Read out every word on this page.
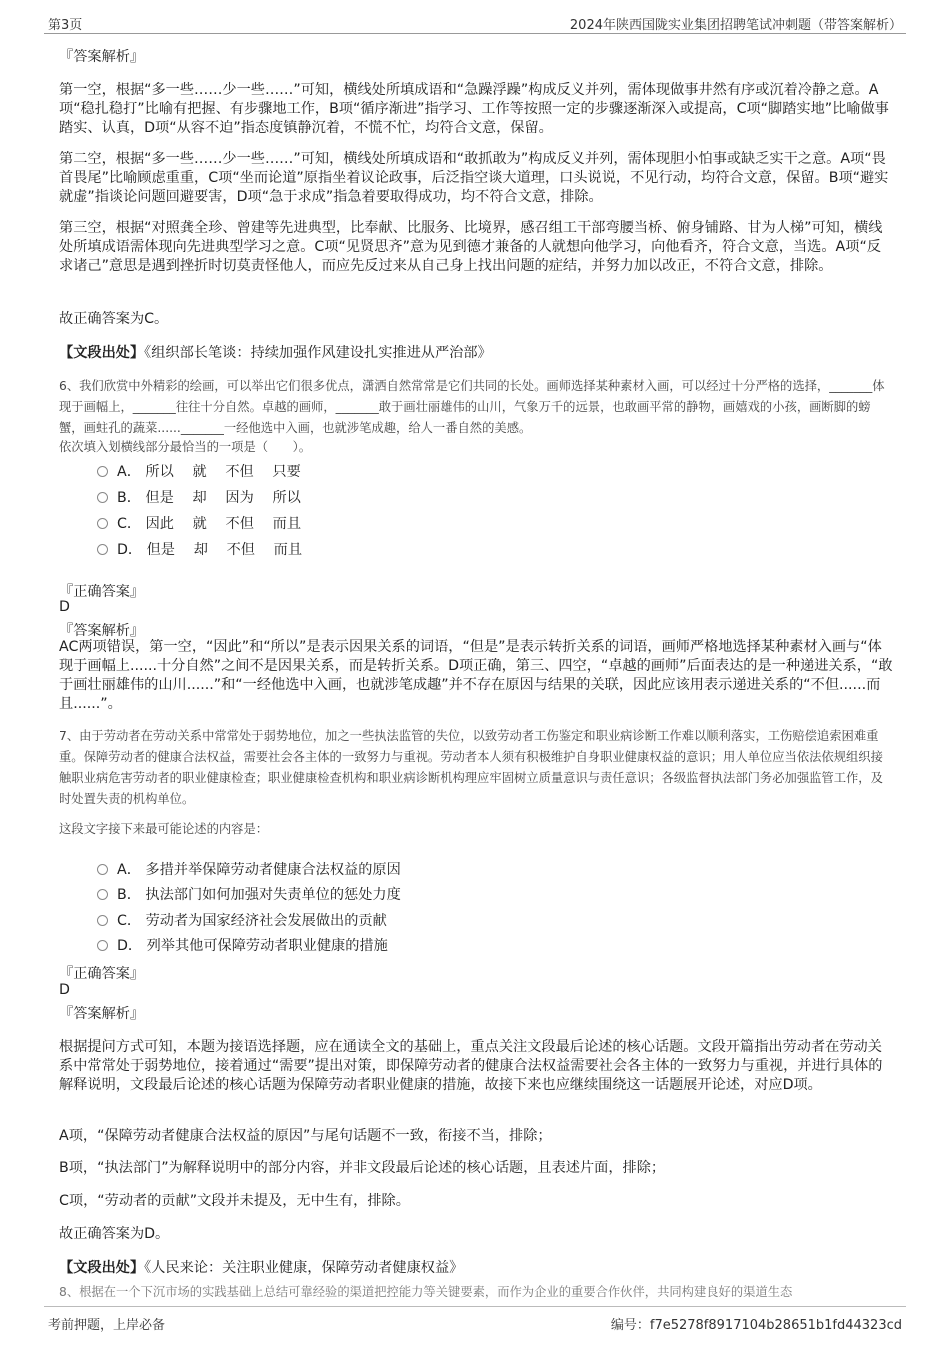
第3页	2024年陕西国陇实业集团招聘笔试冲刺题（带答案解析）
『答案解析』

第一空，根据“多一些……少一些……”可知，横线处所填成语和“急躁浮躁”构成反义并列，需体现做事井然有序或沉着冷静之意。A项“稳扎稳打”比喻有把握、有步骤地工作，B项“循序渐进”指学习、工作等按照一定的步骤逐渐深入或提高，C项“脚踏实地”比喻做事踏实、认真，D项“从容不迫”指态度镇静沉着，不慌不忙，均符合文意，保留。

第二空，根据“多一些……少一些……”可知，横线处所填成语和“敢抓敢为”构成反义并列，需体现胆小怕事或缺乏实干之意。A项“畏首畏尾”比喻顾虑重重，C项“坐而论道”原指坐着议论政事，后泛指空谈大道理，口头说说，不见行动，均符合文意，保留。B项“避实就虚”指谈论问题回避要害，D项“急于求成”指急着要取得成功，均不符合文意，排除。

第三空，根据“对照龚全珍、曾建等先进典型，比奉献、比服务、比境界，感召组工干部弯腰当桥、俯身铺路、甘为人梯”可知，横线处所填成语需体现向先进典型学习之意。C项“见贤思齐”意为见到德才兼备的人就想向他学习，向他看齐，符合文意，当选。A项“反求诸己”意思是遇到挫折时切莫责怪他人，而应先反过来从自己身上找出问题的症结，并努力加以改正，不符合文意，排除。

故正确答案为C。

【文段出处】《组织部长笔谈：持续加强作风建设扎实推进从严治部》

6、我们欣赏中外精彩的绘画，可以举出它们很多优点，潇洒自然常常是它们共同的长处。画师选择某种素材入画，可以经过十分严格的选择，_______体现于画幅上，_______往往十分自然。卓越的画师，_______敢于画壮丽雄伟的山川，气象万千的远景，也敢画平常的静物，画嬉戏的小孩，画断脚的螃蟹，画蛀孔的蔬菜......_______一经他选中入画，也就涉笔成趣，给人一番自然的美感。

依次填入划横线部分最恰当的一项是（　　）。

A． 所以　 就　 不但　 只要
B． 但是　 却　 因为　 所以
C． 因此　 就　 不但　 而且
D． 但是　 却　 不但　 而且
『正确答案』
D
『答案解析』

AC两项错误，第一空，“因此”和“所以”是表示因果关系的词语，“但是”是表示转折关系的词语，画师严格地选择某种素材入画与“体现于画幅上......十分自然”之间不是因果关系，而是转折关系。D项正确，第三、四空，“卓越的画师”后面表达的是一种递进关系，“敢于画壮丽雄伟的山川......”和“一经他选中入画，也就涉笔成趣”并不存在原因与结果的关联，因此应该用表示递进关系的“不但......而且......”。

7、由于劳动者在劳动关系中常常处于弱势地位，加之一些执法监管的失位，以致劳动者工伤鉴定和职业病诊断工作难以顺利落实，工伤赔偿追索困难重重。保障劳动者的健康合法权益，需要社会各主体的一致努力与重视。劳动者本人须有积极维护自身职业健康权益的意识；用人单位应当依法依规组织接触职业病危害劳动者的职业健康检查；职业健康检查机构和职业病诊断机构理应牢固树立质量意识与责任意识；各级监督执法部门务必加强监管工作，及时处置失责的机构单位。

这段文字接下来最可能论述的内容是：

A． 多措并举保障劳动者健康合法权益的原因
B． 执法部门如何加强对失责单位的惩处力度
C． 劳动者为国家经济社会发展做出的贡献
D． 列举其他可保障劳动者职业健康的措施
『正确答案』
D
『答案解析』

根据提问方式可知，本题为接语选择题，应在通读全文的基础上，重点关注文段最后论述的核心话题。文段开篇指出劳动者在劳动关系中常常处于弱势地位，接着通过“需要”提出对策，即保障劳动者的健康合法权益需要社会各主体的一致努力与重视，并进行具体的解释说明，文段最后论述的核心话题为保障劳动者职业健康的措施，故接下来也应继续围绕这一话题展开论述，对应D项。

A项，“保障劳动者健康合法权益的原因”与尾句话题不一致，衔接不当，排除；

B项，“执法部门”为解释说明中的部分内容，并非文段最后论述的核心话题，且表述片面，排除；

C项，“劳动者的贡献”文段并未提及，无中生有，排除。

故正确答案为D。

【文段出处】《人民来论：关注职业健康，保障劳动者健康权益》

8、根据在一个下沉市场的实践基础上总结可靠经验的渠道把控能力等关键要素，而作为企业的重要合作伙伴，共同构建良好的渠道生态
考前押题，上岸必备	编号：f7e5278f8917104b28651b1fd44323cd
